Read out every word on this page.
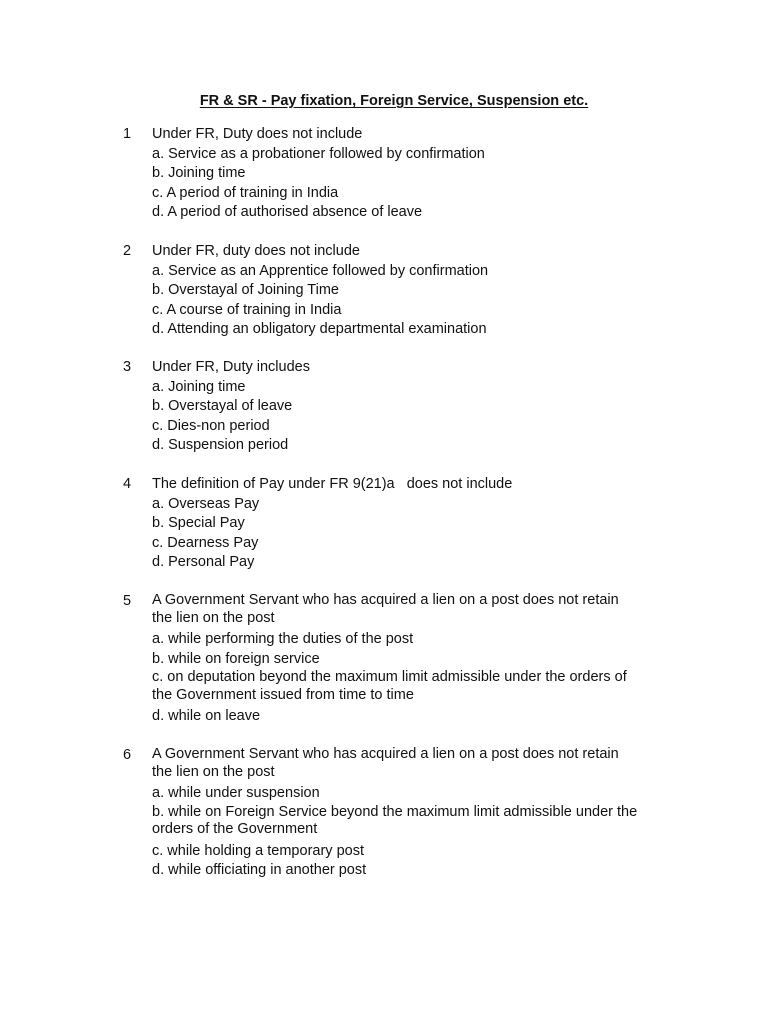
FR & SR - Pay fixation, Foreign Service, Suspension etc.
1	Under FR, Duty does not include
a. Service as a probationer followed by confirmation
b. Joining time
c. A period of training in India
d. A period of authorised absence of leave
2	Under FR, duty does not include
a. Service as an Apprentice followed by confirmation
b. Overstayal of Joining Time
c. A course of training in India
d. Attending an obligatory departmental examination
3	Under FR, Duty includes
a. Joining time
b. Overstayal of leave
c. Dies-non period
d. Suspension period
4	The definition of Pay under FR 9(21)a   does not include
a. Overseas Pay
b. Special Pay
c. Dearness Pay
d. Personal Pay
5	A Government Servant who has acquired a lien on a post does not retain the lien on the post
a. while performing the duties of the post
b. while on foreign service
c. on deputation beyond the maximum limit admissible under the orders of the Government issued from time to time
d. while on leave
6	A Government Servant who has acquired a lien on a post does not retain the lien on the post
a. while under suspension
b. while on Foreign Service beyond the maximum limit admissible under the orders of the Government
c. while holding a temporary post
d. while officiating in another post
